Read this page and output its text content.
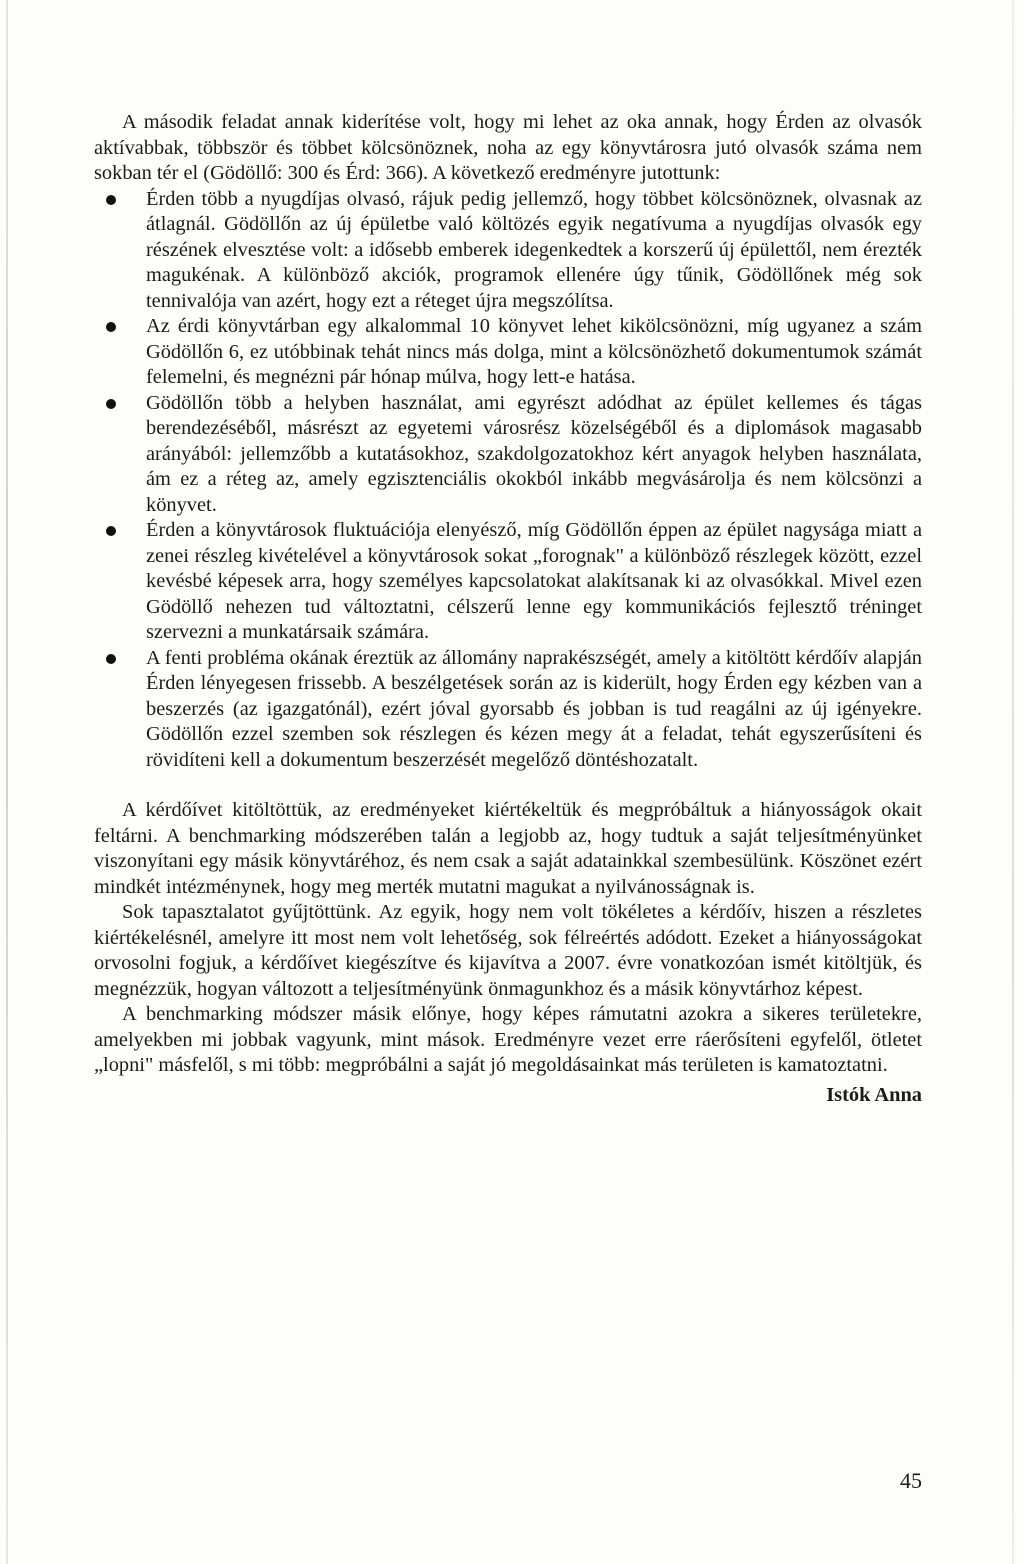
A második feladat annak kiderítése volt, hogy mi lehet az oka annak, hogy Érden az olvasók aktívabbak, többször és többet kölcsönöznek, noha az egy könyvtárosra jutó olvasók száma nem sokban tér el (Gödöllő: 300 és Érd: 366). A következő eredményre jutottunk:

Érden több a nyugdíjas olvasó, rájuk pedig jellemző, hogy többet kölcsönöznek, olvasnak az átlagnál. Gödöllőn az új épületbe való költözés egyik negatívuma a nyugdíjas olvasók egy részének elvesztése volt: a idősebb emberek idegenkedtek a korszerű új épülettől, nem érezték magukénak. A különböző akciók, programok ellenére úgy tűnik, Gödöllőnek még sok tennivalója van azért, hogy ezt a réteget újra megszólítsa.
Az érdi könyvtárban egy alkalommal 10 könyvet lehet kikölcsönözni, míg ugyanez a szám Gödöllőn 6, ez utóbbinak tehát nincs más dolga, mint a kölcsönözhető dokumentumok számát felemelni, és megnézni pár hónap múlva, hogy lett-e hatása.
Gödöllőn több a helyben használat, ami egyrészt adódhat az épület kellemes és tágas berendezéséből, másrészt az egyetemi városrész közelségéből és a diplomások magasabb arányából: jellemzőbb a kutatásokhoz, szakdolgozatokhoz kért anyagok helyben használata, ám ez a réteg az, amely egzisztenciális okokból inkább megvásárolja és nem kölcsönzi a könyvet.
Érden a könyvtárosok fluktuációja elenyésző, míg Gödöllőn éppen az épület nagysága miatt a zenei részleg kivételével a könyvtárosok sokat „forognak" a különböző részlegek között, ezzel kevésbé képesek arra, hogy személyes kapcsolatokat alakítsanak ki az olvasókkal. Mivel ezen Gödöllő nehezen tud változtatni, célszerű lenne egy kommunikációs fejlesztő tréninget szervezni a munkatársaik számára.
A fenti probléma okának éreztük az állomány naprakészségét, amely a kitöltött kérdőív alapján Érden lényegesen frissebb. A beszélgetések során az is kiderült, hogy Érden egy kézben van a beszerzés (az igazgatónál), ezért jóval gyorsabb és jobban is tud reagálni az új igényekre. Gödöllőn ezzel szemben sok részlegen és kézen megy át a feladat, tehát egyszerűsíteni és rövidíteni kell a dokumentum beszerzését megelőző döntéshozatalt.

A kérdőívet kitöltöttük, az eredményeket kiértékeltük és megpróbáltuk a hiányosságok okait feltárni. A benchmarking módszerében talán a legjobb az, hogy tudtuk a saját teljesítményünket viszonyítani egy másik könyvtáréhoz, és nem csak a saját adatainkkal szembesülünk. Köszönet ezért mindkét intézménynek, hogy meg merték mutatni magukat a nyilvánosságnak is.

Sok tapasztalatot gyűjtöttünk. Az egyik, hogy nem volt tökéletes a kérdőív, hiszen a részletes kiértékelésnél, amelyre itt most nem volt lehetőség, sok félreértés adódott. Ezeket a hiányosságokat orvosolni fogjuk, a kérdőívet kiegészítve és kijavítva a 2007. évre vonatkozóan ismét kitöltjük, és megnézzük, hogyan változott a teljesítményünk önmagunkhoz és a másik könyvtárhoz képest.

A benchmarking módszer másik előnye, hogy képes rámutatni azokra a sikeres területekre, amelyekben mi jobbak vagyunk, mint mások. Eredményre vezet erre ráerősíteni egyfelől, ötletet „lopni" másfelől, s mi több: megpróbálni a saját jó megoldásainkat más területen is kamatoztatni.

Istók Anna
45
